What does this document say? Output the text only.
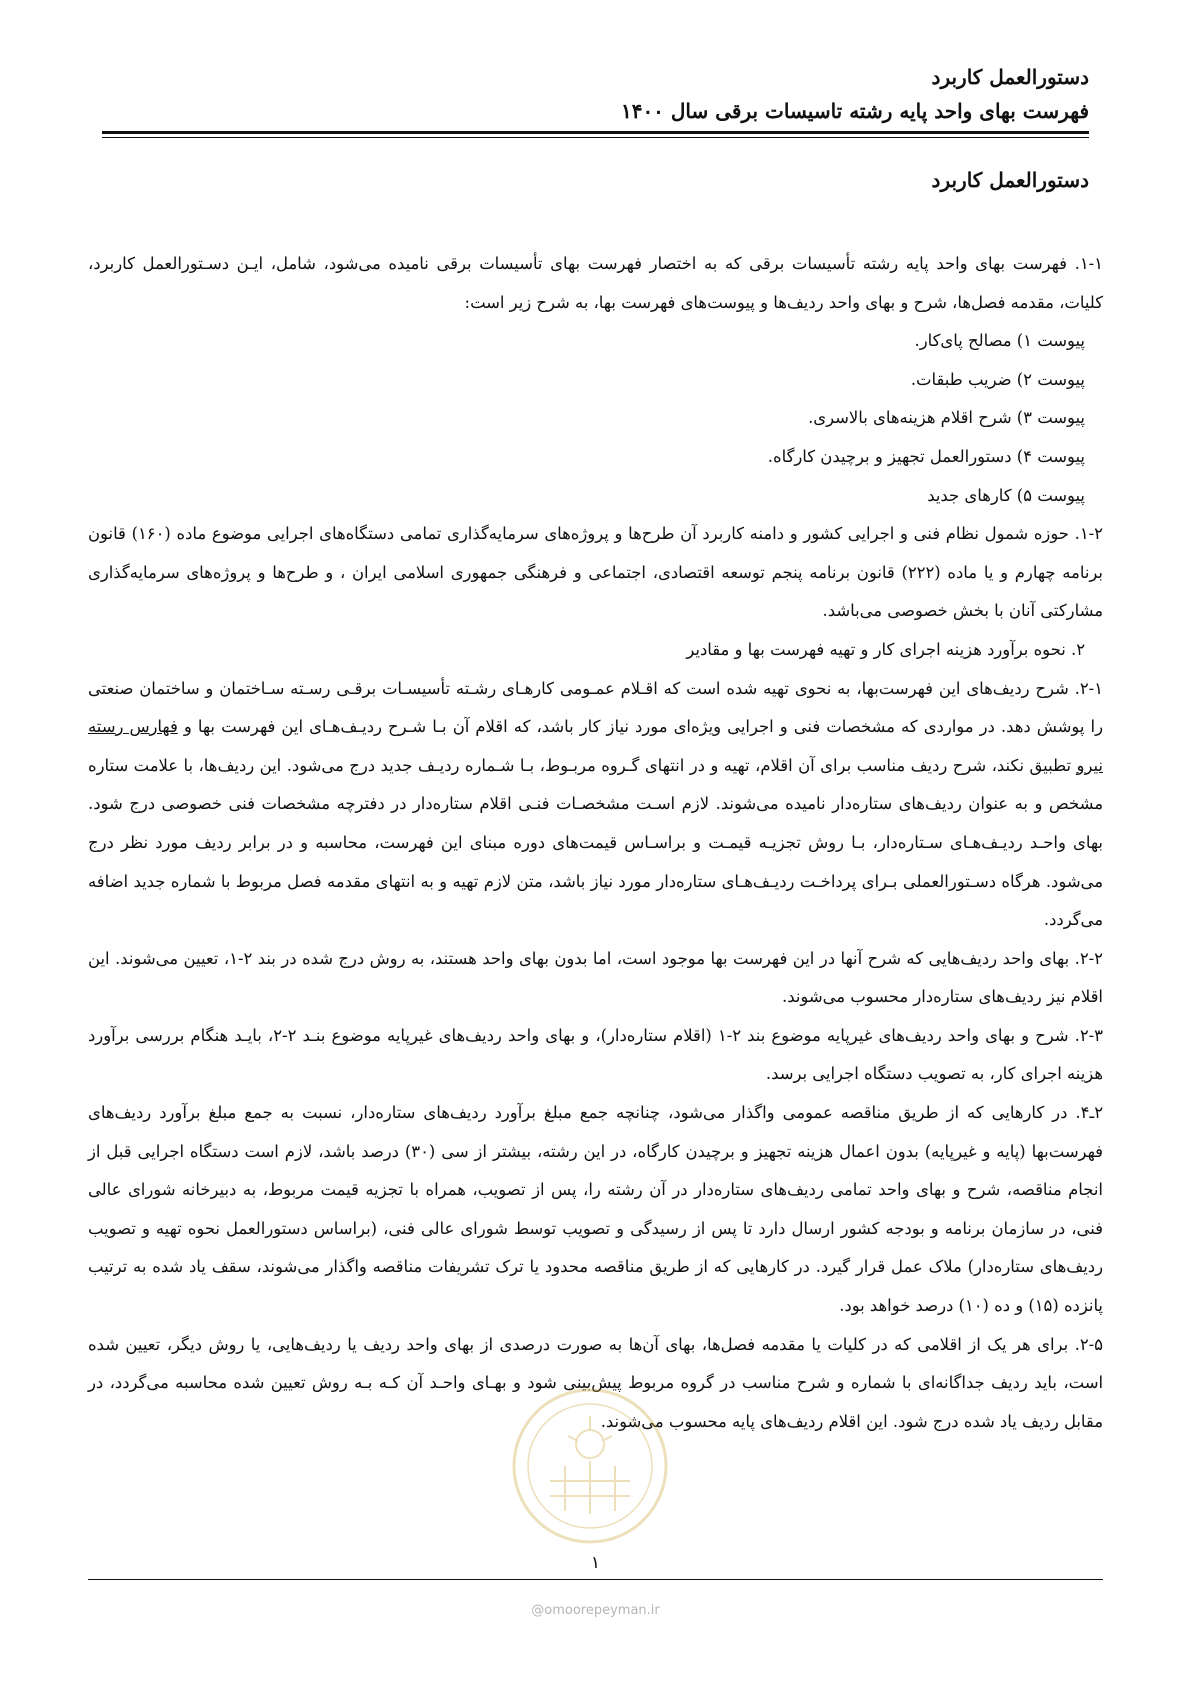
دستورالعمل کاربرد
فهرست بهای واحد پایه رشته تاسیسات برقی سال ۱۴۰۰
دستورالعمل کاربرد

۱-۱. فهرست بهای واحد پایه رشته تأسیسات برقی که به اختصار فهرست بهای تأسیسات برقی نامیده می‌شود، شامل، ایـن دسـتورالعمل کاربرد، کلیات، مقدمه فصل‌ها، شرح و بهای واحد ردیف‌ها و پیوست‌های فهرست بها، به شرح زیر است:

پیوست ۱) مصالح پای‌کار.

پیوست ۲) ضریب طبقات.

پیوست ۳) شرح اقلام هزینه‌های بالاسری.

پیوست ۴) دستورالعمل تجهیز و برچیدن کارگاه.

پیوست ۵) کارهای جدید

۱-۲. حوزه شمول نظام فنی و اجرایی کشور و دامنه کاربرد آن طرح‌ها و پروژه‌های سرمایه‌گذاری تمامی دستگاه‌های اجرایی موضوع ماده (۱۶۰) قانون برنامه چهارم و یا ماده (۲۲۲) قانون برنامه پنجم توسعه اقتصادی، اجتماعی و فرهنگی جمهوری اسلامی ایران ، و طرح‌ها و پروژه‌های سرمایه‌گذاری مشارکتی آنان با بخش خصوصی می‌باشد.

۲. نحوه برآورد هزینه اجرای کار و تهیه فهرست بها و مقادیر

۲-۱. شرح ردیف‌های این فهرست‌بها، به نحوی تهیه شده است که اقـلام عمـومی کارهـای رشـته تأسیسـات برقـی رسـته سـاختمان و ساختمان صنعتی را پوشش دهد. در مواردی که مشخصات فنی و اجرایی ویژه‌ای مورد نیاز کار باشد، که اقلام آن بـا شـرح ردیـف‌هـای این فهرست بها و فهارس رسته نیرو تطبیق نکند، شرح ردیف مناسب برای آن اقلام، تهیه و در انتهای گـروه مربـوط، بـا شـماره ردیـف جدید درج می‌شود. این ردیف‌ها، با علامت ستاره مشخص و به عنوان ردیف‌های ستاره‌دار نامیده می‌شوند. لازم اسـت مشخصـات فنـی اقلام ستاره‌دار در دفترچه مشخصات فنی خصوصی درج شود. بهای واحـد ردیـف‌هـای سـتاره‌دار، بـا روش تجزیـه قیمـت و براسـاس قیمت‌های دوره مبنای این فهرست، محاسبه و در برابر ردیف مورد نظر درج می‌شود. هرگاه دسـتورالعملی بـرای پرداخـت ردیـف‌هـای ستاره‌دار مورد نیاز باشد، متن لازم تهیه و به انتهای مقدمه فصل مربوط با شماره جدید اضافه می‌گردد.

۲-۲. بهای واحد ردیف‌هایی که شرح آنها در این فهرست بها موجود است، اما بدون بهای واحد هستند، به روش درج شده در بند ۲-۱، تعیین می‌شوند. این اقلام نیز ردیف‌های ستاره‌دار محسوب می‌شوند.

۲-۳. شرح و بهای واحد ردیف‌های غیرپایه موضوع بند ۲-۱ (اقلام ستاره‌دار)، و بهای واحد ردیف‌های غیرپایه موضوع بنـد ۲-۲، بایـد هنگام بررسی برآورد هزینه اجرای کار، به تصویب دستگاه اجرایی برسد.

۲ـ۴. در کارهایی که از طریق مناقصه عمومی واگذار می‌شود، چنانچه جمع مبلغ برآورد ردیف‌های ستاره‌دار، نسبت به جمع مبلغ برآورد ردیف‌های فهرست‌بها (پایه و غیرپایه) بدون اعمال هزینه تجهیز و برچیدن کارگاه، در این رشته، بیشتر از سی (۳۰) درصد باشد، لازم است دستگاه اجرایی قبل از انجام مناقصه، شرح و بهای واحد تمامی ردیف‌های ستاره‌دار در آن رشته را، پس از تصویب، همراه با تجزیه قیمت مربوط، به دبیرخانه شورای عالی فنی، در سازمان برنامه و بودجه کشور ارسال دارد تا پس از رسیدگی و تصویب توسط شورای عالی فنی، (براساس دستورالعمل نحوه تهیه و تصویب ردیف‌های ستاره‌دار) ملاک عمل قرار گیرد. در کارهایی که از طریق مناقصه محدود یا ترک تشریفات مناقصه واگذار می‌شوند، سقف یاد شده به ترتیب پانزده (۱۵) و ده (۱۰) درصد خواهد بود.

۲-۵. برای هر یک از اقلامی که در کلیات یا مقدمه فصل‌ها، بهای آن‌ها به صورت درصدی از بهای واحد ردیف یا ردیف‌هایی، یا روش دیگر، تعیین شده است، باید ردیف جداگانه‌ای با شماره و شرح مناسب در گروه مربوط پیش‌بینی شود و بهـای واحـد آن کـه بـه روش تعیین شده محاسبه می‌گردد، در مقابل ردیف یاد شده درج شود. این اقلام ردیف‌های پایه محسوب می‌شوند.

۱
@omoorepeyman.ir
